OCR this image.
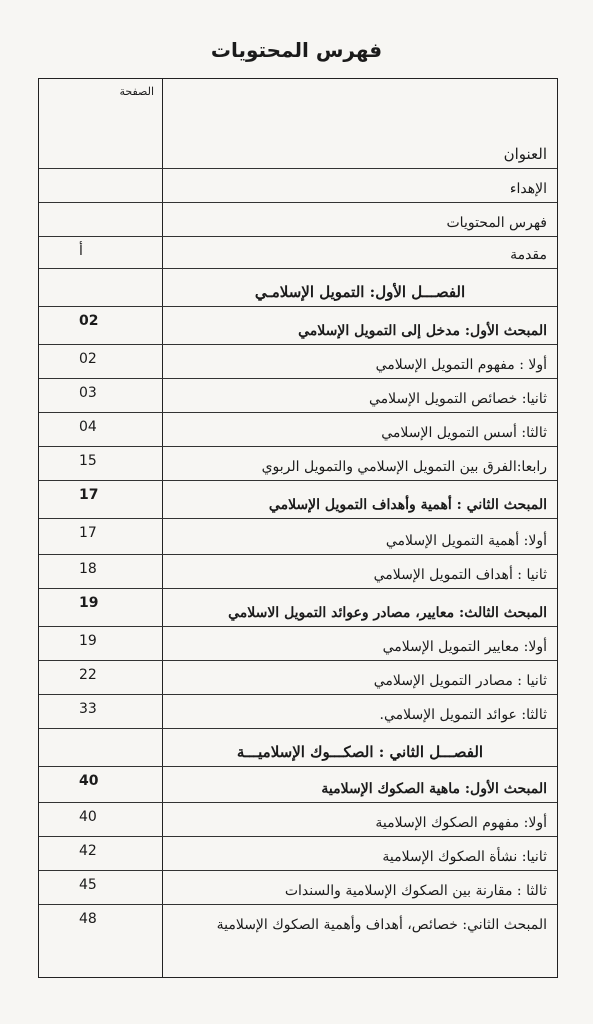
فهرس المحتويات
العنوان
الصفحة
الإهداء
فهرس المحتويات
مقدمة
أ
الفصـــل الأول: التمويل الإسلامـي
المبحث الأول: مدخل إلى التمويل الإسلامي
02
أولا : مفهوم التمويل الإسلامي
02
ثانيا: خصائص التمويل الإسلامي
03
ثالثا: أسس التمويل الإسلامي
04
رابعا:الفرق بين التمويل الإسلامي والتمويل الربوي
15
المبحث الثاني : أهمية وأهداف التمويل الإسلامي
17
أولا: أهمية التمويل الإسلامي
17
ثانيا : أهداف التمويل الإسلامي
18
المبحث الثالث: معايير، مصادر وعوائد التمويل الاسلامي
19
أولا: معايير التمويل الإسلامي
19
ثانيا : مصادر التمويل الإسلامي
22
ثالثا: عوائد التمويل الإسلامي.
33
الفصـــل الثاني : الصكـــوك الإسلاميـــة
المبحث الأول: ماهية الصكوك الإسلامية
40
أولا: مفهوم الصكوك الإسلامية
40
ثانيا: نشأة الصكوك الإسلامية
42
ثالثا : مقارنة بين الصكوك الإسلامية والسندات
45
المبحث الثاني: خصائص، أهداف وأهمية الصكوك الإسلامية
48
